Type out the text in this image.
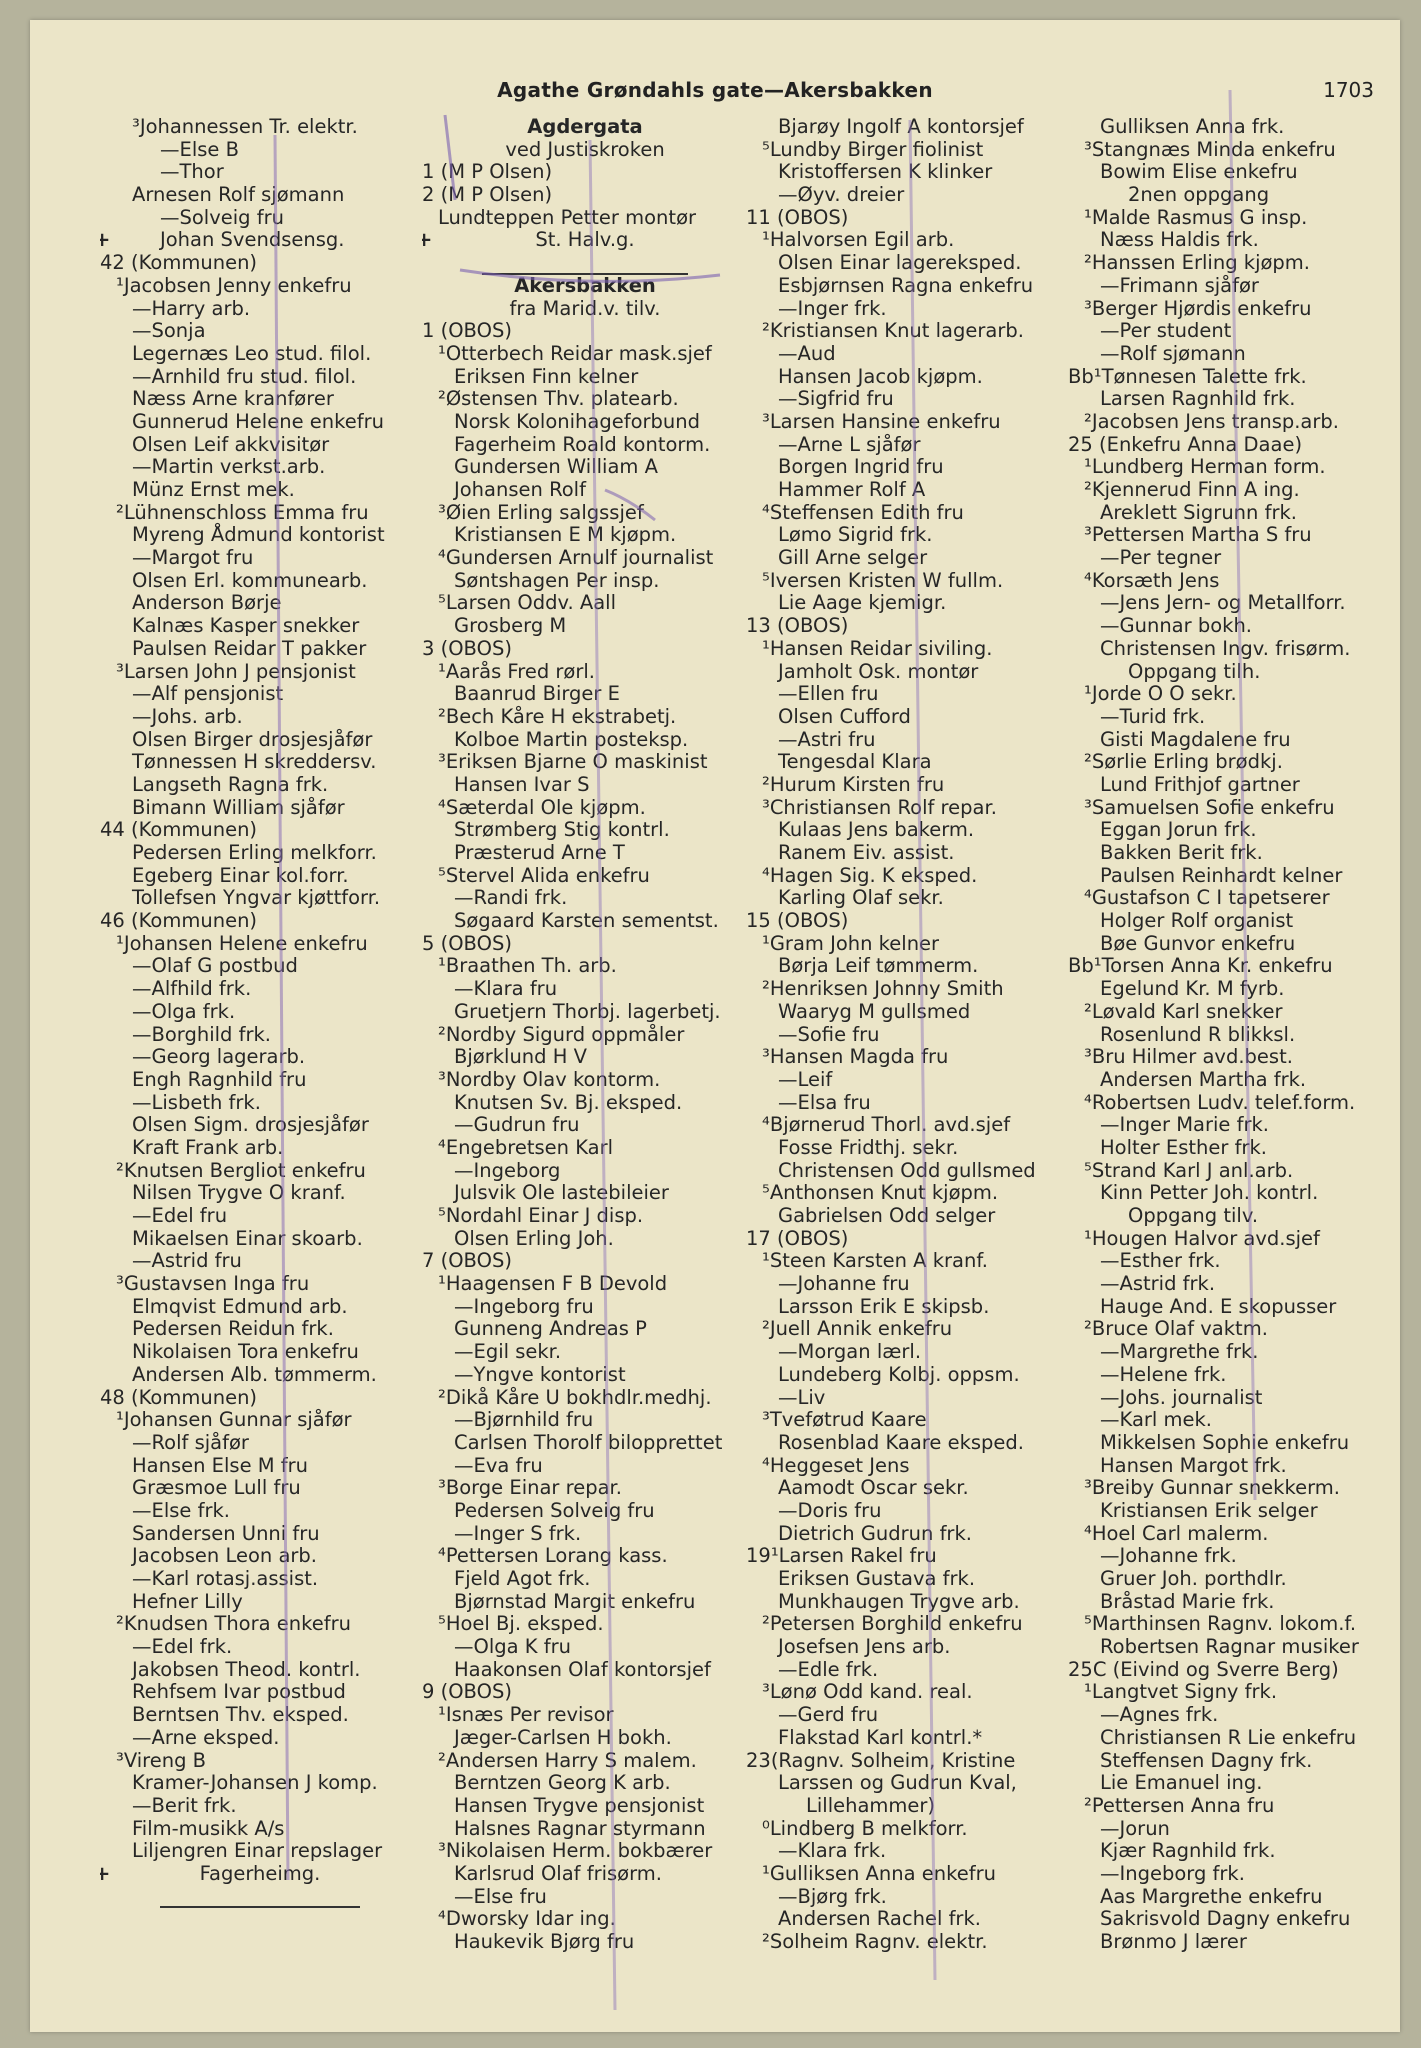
Agathe Grøndahls gate—Akersbakken	1703
³Johannessen Tr. elektr.
—Else B
—Thor
Arnesen Rolf sjømann
—Solveig fru
+ Johan Svendsensg.
42 (Kommunen)
¹Jacobsen Jenny enkefru
—Harry arb.
—Sonja
Legernæs Leo stud. filol.
—Arnhild fru stud. filol.
Næss Arne kranfører
Gunnerud Helene enkefru
Olsen Leif akkvisitør
—Martin verkst.arb.
Münz Ernst mek.
²Lühnenschloss Emma fru
Myreng Ådmund kontorist
—Margot fru
Olsen Erl. kommunearb.
Anderson Børje
Kalnæs Kasper snekker
Paulsen Reidar T pakker
³Larsen John J pensjonist
—Alf pensjonist
—Johs. arb.
Olsen Birger drosjesjåfør
Tønnessen H skreddersv.
Langseth Ragna frk.
Bimann William sjåfør
44 (Kommunen)
Pedersen Erling melkforr.
Egeberg Einar kol.forr.
Tollefsen Yngvar kjøttforr.
46 (Kommunen)
¹Johansen Helene enkefru
—Olaf G postbud
—Alfhild frk.
—Olga frk.
—Borghild frk.
—Georg lagerarb.
Engh Ragnhild fru
—Lisbeth frk.
Olsen Sigm. drosjesjåfør
Kraft Frank arb.
²Knutsen Bergliot enkefru
Nilsen Trygve O kranf.
—Edel fru
Mikaelsen Einar skoarb.
—Astrid fru
³Gustavsen Inga fru
Elmqvist Edmund arb.
Pedersen Reidun frk.
Nikolaisen Tora enkefru
Andersen Alb. tømmerm.
48 (Kommunen)
¹Johansen Gunnar sjåfør
—Rolf sjåfør
Hansen Else M fru
Græsmoe Lull fru
—Else frk.
Sandersen Unni fru
Jacobsen Leon arb.
—Karl rotasj.assist.
Hefner Lilly
²Knudsen Thora enkefru
—Edel frk.
Jakobsen Theod. kontrl.
Rehfsem Ivar postbud
Berntsen Thv. eksped.
—Arne eksped.
³Vireng B
Kramer-Johansen J komp.
—Berit frk.
Film-musikk A/s
Liljengren Einar repslager
+ Fagerheimg.
Agdergata
ved Justiskroken
1 (M P Olsen)
2 (M P Olsen)
Lundteppen Petter montør
+ St. Halv.g.
Akersbakken
fra Marid.v. tilv.
1 (OBOS)
¹Otterbech Reidar mask.sjef
Eriksen Finn kelner
²Østensen Thv. platearb.
Norsk Kolonihageforbund
Fagerheim Roald kontorm.
Gundersen William A
Johansen Rolf
³Øien Erling salgssjef
Kristiansen E M kjøpm.
⁴Gundersen Arnulf journalist
Søntshagen Per insp.
⁵Larsen Oddv. Aall
Grosberg M
3 (OBOS)
¹Aarås Fred rørl.
Baanrud Birger E
²Bech Kåre H ekstrabetj.
Kolboe Martin posteksp.
³Eriksen Bjarne O maskinist
Hansen Ivar S
⁴Sæterdal Ole kjøpm.
Strømberg Stig kontrl.
Præsterud Arne T
⁵Stervel Alida enkefru
—Randi frk.
Søgaard Karsten sementst.
5 (OBOS)
¹Braathen Th. arb.
—Klara fru
Gruetjern Thorbj. lagerbetj.
²Nordby Sigurd oppmåler
Bjørklund H V
³Nordby Olav kontorm.
Knutsen Sv. Bj. eksped.
—Gudrun fru
⁴Engebretsen Karl
—Ingeborg
Julsvik Ole lastebileier
⁵Nordahl Einar J disp.
Olsen Erling Joh.
7 (OBOS)
¹Haagensen F B Devold
—Ingeborg fru
Gunneng Andreas P
—Egil sekr.
—Yngve kontorist
²Dikå Kåre U bokhdlr.medhj.
—Bjørnhild fru
Carlsen Thorolf bilopprettet
—Eva fru
³Borge Einar repar.
Pedersen Solveig fru
—Inger S frk.
⁴Pettersen Lorang kass.
Fjeld Agot frk.
Bjørnstad Margit enkefru
⁵Hoel Bj. eksped.
—Olga K fru
Haakonsen Olaf kontorsjef
9 (OBOS)
¹Isnæs Per revisor
Jæger-Carlsen H bokh.
²Andersen Harry S malem.
Berntzen Georg K arb.
Hansen Trygve pensjonist
Halsnes Ragnar styrmann
³Nikolaisen Herm. bokbærer
Karlsrud Olaf frisørm.
—Else fru
⁴Dworsky Idar ing.
Haukevik Bjørg fru
Bjarøy Ingolf A kontorsjef
⁵Lundby Birger fiolinist
Kristoffersen K klinker
—Øyv. dreier
11 (OBOS)
¹Halvorsen Egil arb.
Olsen Einar lagereksped.
Esbjørnsen Ragna enkefru
—Inger frk.
²Kristiansen Knut lagerarb.
—Aud
Hansen Jacob kjøpm.
—Sigfrid fru
³Larsen Hansine enkefru
—Arne L sjåfør
Borgen Ingrid fru
Hammer Rolf A
⁴Steffensen Edith fru
Lømo Sigrid frk.
Gill Arne selger
⁵Iversen Kristen W fullm.
Lie Aage kjemigr.
13 (OBOS)
¹Hansen Reidar siviling.
Jamholt Osk. montør
—Ellen fru
Olsen Cufford
—Astri fru
Tengesdal Klara
²Hurum Kirsten fru
³Christiansen Rolf repar.
Kulaas Jens bakerm.
Ranem Eiv. assist.
⁴Hagen Sig. K eksped.
Karling Olaf sekr.
15 (OBOS)
¹Gram John kelner
Børja Leif tømmerm.
²Henriksen Johnny Smith
Waaryg M gullsmed
—Sofie fru
³Hansen Magda fru
—Leif
—Elsa fru
⁴Bjørnerud Thorl. avd.sjef
Fosse Fridthj. sekr.
Christensen Odd gullsmed
⁵Anthonsen Knut kjøpm.
Gabrielsen Odd selger
17 (OBOS)
¹Steen Karsten A kranf.
—Johanne fru
Larsson Erik E skipsb.
²Juell Annik enkefru
—Morgan lærl.
Lundeberg Kolbj. oppsm.
—Liv
³Tveføtrud Kaare
Rosenblad Kaare eksped.
⁴Heggeset Jens
Aamodt Oscar sekr.
—Doris fru
Dietrich Gudrun frk.
19¹Larsen Rakel fru
Eriksen Gustava frk.
Munkhaugen Trygve arb.
²Petersen Borghild enkefru
Josefsen Jens arb.
—Edle frk.
³Lønø Odd kand. real.
—Gerd fru
Flakstad Karl kontrl.*
23(Ragnv. Solheim, Kristine
Larssen og Gudrun Kval,
Lillehammer)
⁰Lindberg B melkforr.
—Klara frk.
¹Gulliksen Anna enkefru
—Bjørg frk.
Andersen Rachel frk.
²Solheim Ragnv. elektr.
Gulliksen Anna frk.
³Stangnæs Minda enkefru
Bowim Elise enkefru
2nen oppgang
¹Malde Rasmus G insp.
Næss Haldis frk.
²Hanssen Erling kjøpm.
—Frimann sjåfør
³Berger Hjørdis enkefru
—Per student
—Rolf sjømann
Bb¹Tønnesen Talette frk.
Larsen Ragnhild frk.
²Jacobsen Jens transp.arb.
25 (Enkefru Anna Daae)
¹Lundberg Herman form.
²Kjennerud Finn A ing.
Areklett Sigrunn frk.
³Pettersen Martha S fru
—Per tegner
⁴Korsæth Jens
—Jens Jern- og Metallforr.
—Gunnar bokh.
Christensen Ingv. frisørm.
Oppgang tilh.
¹Jorde O O sekr.
—Turid frk.
Gisti Magdalene fru
²Sørlie Erling brødkj.
Lund Frithjof gartner
³Samuelsen Sofie enkefru
Eggan Jorun frk.
Bakken Berit frk.
Paulsen Reinhardt kelner
⁴Gustafson C I tapetserer
Holger Rolf organist
Bøe Gunvor enkefru
Bb¹Torsen Anna Kr. enkefru
Egelund Kr. M fyrb.
²Løvald Karl snekker
Rosenlund R blikksl.
³Bru Hilmer avd.best.
Andersen Martha frk.
⁴Robertsen Ludv. telef.form.
—Inger Marie frk.
Holter Esther frk.
⁵Strand Karl J anl.arb.
Kinn Petter Joh. kontrl.
Oppgang tilv.
¹Hougen Halvor avd.sjef
—Esther frk.
—Astrid frk.
Hauge And. E skopusser
²Bruce Olaf vaktm.
—Margrethe frk.
—Helene frk.
—Johs. journalist
—Karl mek.
Mikkelsen Sophie enkefru
Hansen Margot frk.
³Breiby Gunnar snekkerm.
Kristiansen Erik selger
⁴Hoel Carl malerm.
—Johanne frk.
Gruer Joh. porthdlr.
Bråstad Marie frk.
⁵Marthinsen Ragnv. lokom.f.
Robertsen Ragnar musiker
25C (Eivind og Sverre Berg)
¹Langtvet Signy frk.
—Agnes frk.
Christiansen R Lie enkefru
Steffensen Dagny frk.
Lie Emanuel ing.
²Pettersen Anna fru
—Jorun
Kjær Ragnhild frk.
—Ingeborg frk.
Aas Margrethe enkefru
Sakrisvold Dagny enkefru
Brønmo J lærer
